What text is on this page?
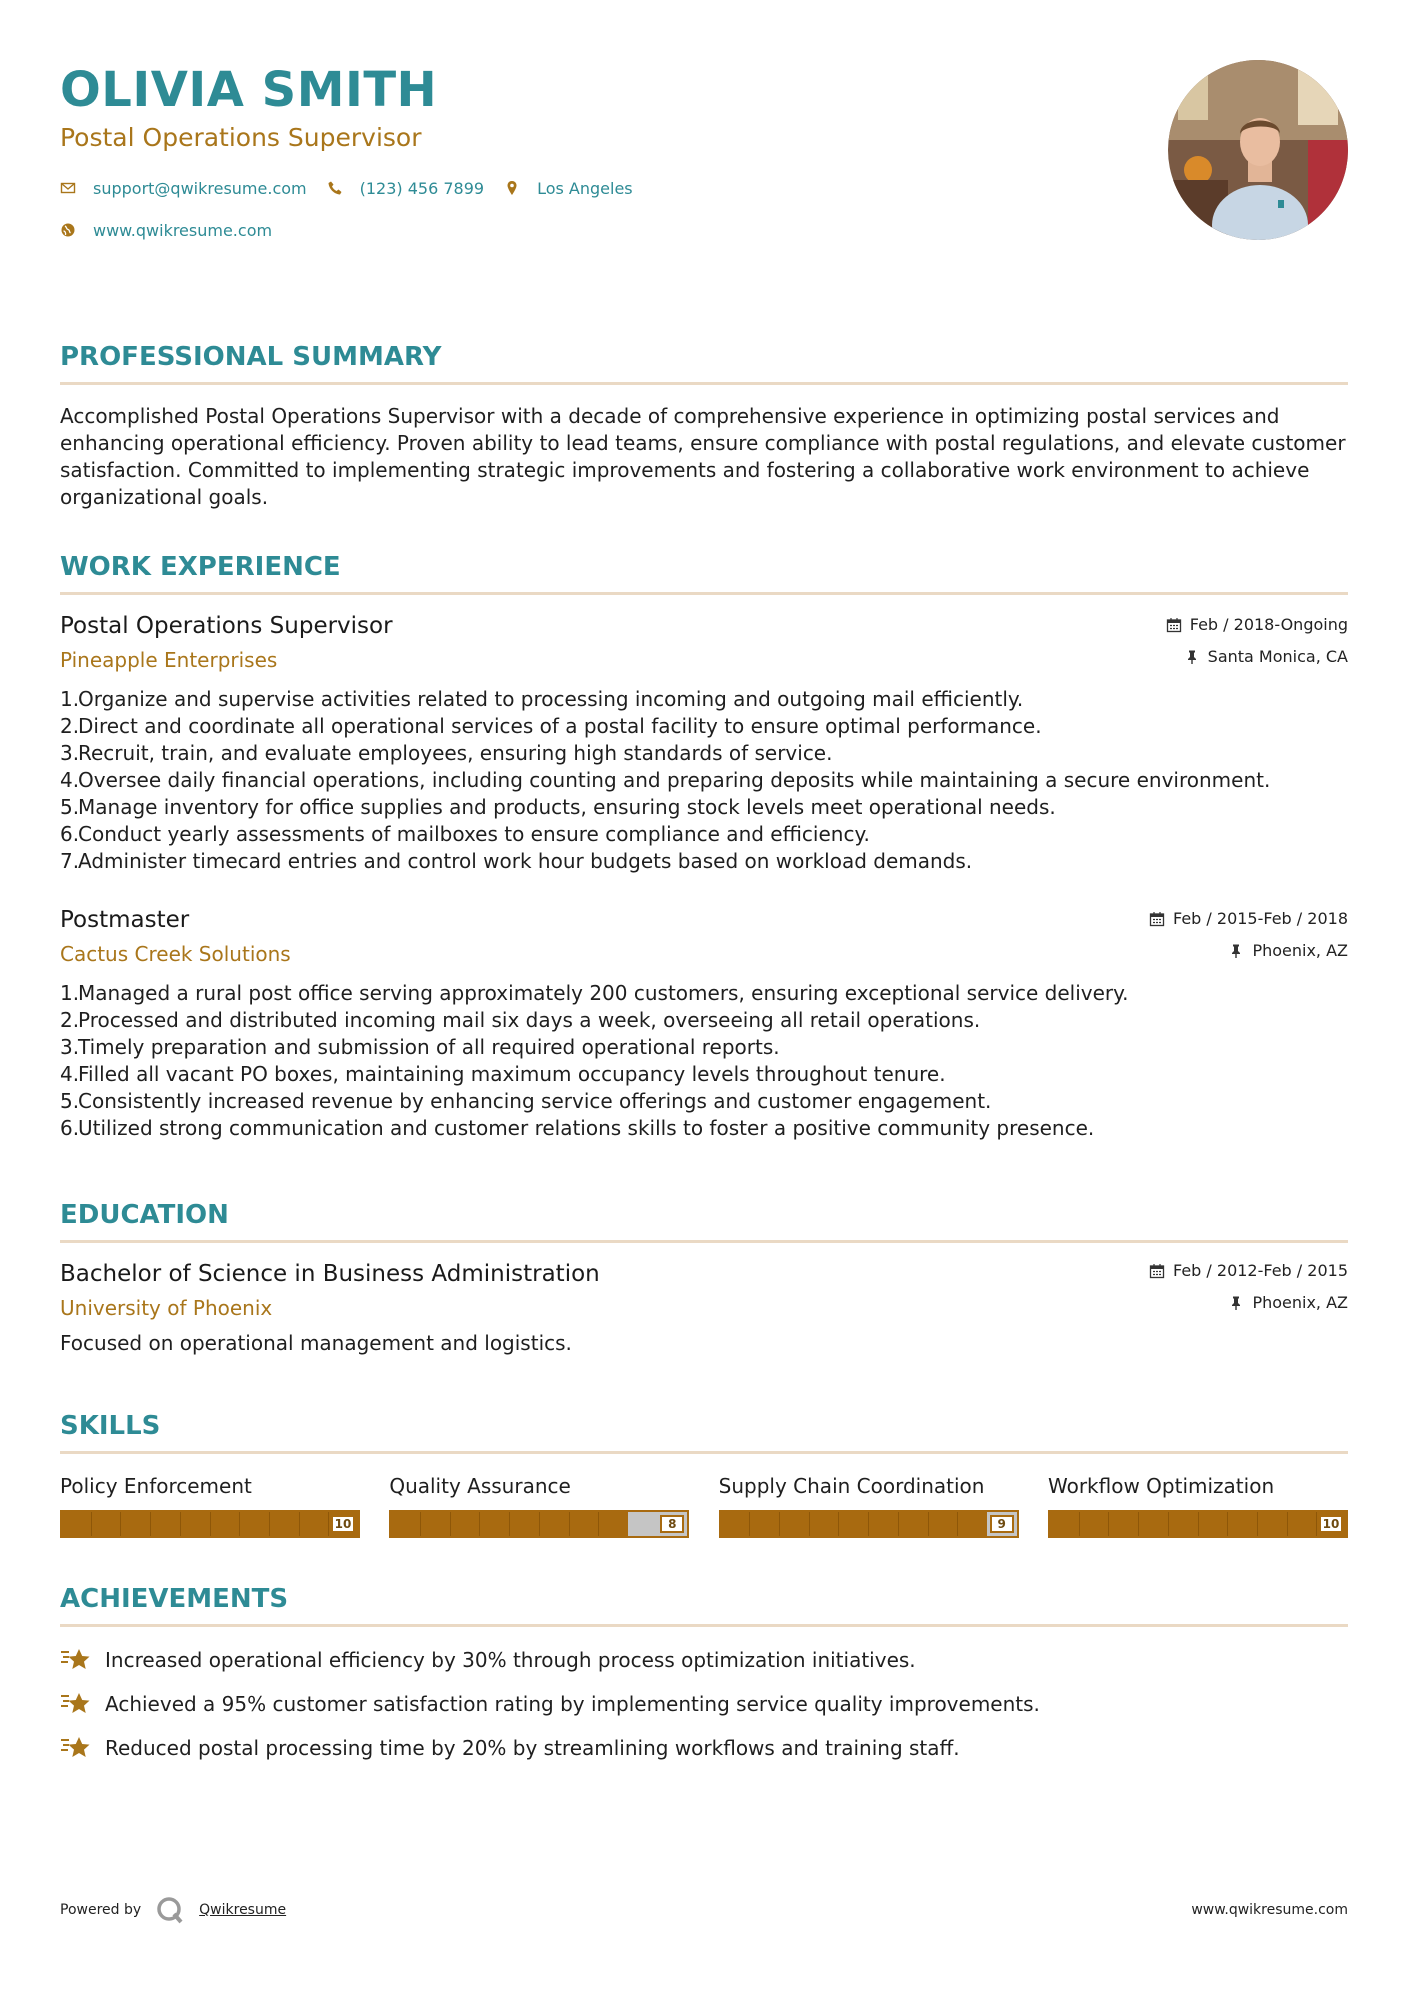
OLIVIA SMITH
Postal Operations Supervisor
support@qwikresume.com	(123) 456 7899	Los Angeles
www.qwikresume.com
PROFESSIONAL SUMMARY
Accomplished Postal Operations Supervisor with a decade of comprehensive experience in optimizing postal services and enhancing operational efficiency. Proven ability to lead teams, ensure compliance with postal regulations, and elevate customer satisfaction. Committed to implementing strategic improvements and fostering a collaborative work environment to achieve organizational goals.
WORK EXPERIENCE
Postal Operations Supervisor
Pineapple Enterprises
Feb / 2018-Ongoing
Santa Monica, CA
1.
Organize and supervise activities related to processing incoming and outgoing mail efficiently.
2.
Direct and coordinate all operational services of a postal facility to ensure optimal performance.
3.
Recruit, train, and evaluate employees, ensuring high standards of service.
4.
Oversee daily financial operations, including counting and preparing deposits while maintaining a secure environment.
5.
Manage inventory for office supplies and products, ensuring stock levels meet operational needs.
6.
Conduct yearly assessments of mailboxes to ensure compliance and efficiency.
7.
Administer timecard entries and control work hour budgets based on workload demands.
Postmaster
Cactus Creek Solutions
Feb / 2015-Feb / 2018
Phoenix, AZ
1.
Managed a rural post office serving approximately 200 customers, ensuring exceptional service delivery.
2.
Processed and distributed incoming mail six days a week, overseeing all retail operations.
3.
Timely preparation and submission of all required operational reports.
4.
Filled all vacant PO boxes, maintaining maximum occupancy levels throughout tenure.
5.
Consistently increased revenue by enhancing service offerings and customer engagement.
6.
Utilized strong communication and customer relations skills to foster a positive community presence.
EDUCATION
Bachelor of Science in Business Administration
University of Phoenix
Feb / 2012-Feb / 2015
Phoenix, AZ
Focused on operational management and logistics.
SKILLS
Policy Enforcement
10
Quality Assurance
8
Supply Chain Coordination
9
Workflow Optimization
10
ACHIEVEMENTS
Increased operational efficiency by 30% through process optimization initiatives.
Achieved a 95% customer satisfaction rating by implementing service quality improvements.
Reduced postal processing time by 20% by streamlining workflows and training staff.
Powered by	Qwikresume	www.qwikresume.com
